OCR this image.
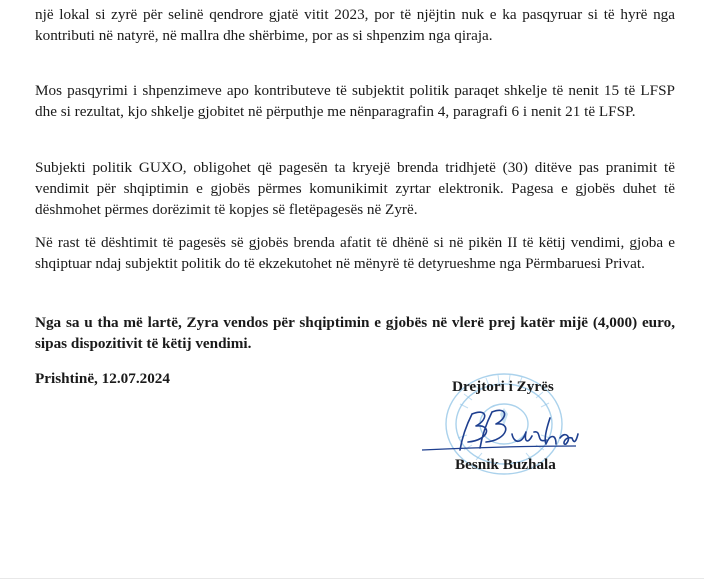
një lokal si zyrë për selinë qendrore gjatë vitit 2023, por të njëjtin nuk e ka pasqyruar si të hyrë nga kontributi në natyrë, në mallra dhe shërbime, por as si shpenzim nga qiraja.

Mos pasqyrimi i shpenzimeve apo kontributeve të subjektit politik paraqet shkelje të nenit 15 të LFSP dhe si rezultat, kjo shkelje gjobitet në përputhje me nënparagrafin 4, paragrafi 6 i nenit 21 të LFSP.

Subjekti politik GUXO, obligohet që pagesën ta kryejë brenda tridhjetë (30) ditëve pas pranimit të vendimit për shqiptimin e gjobës përmes komunikimit zyrtar elektronik. Pagesa e gjobës duhet të dëshmohet përmes dorëzimit të kopjes së fletëpagesës në Zyrë.

Në rast të dështimit të pagesës së gjobës brenda afatit të dhënë si në pikën II të këtij vendimi, gjoba e shqiptuar ndaj subjektit politik do të ekzekutohet në mënyrë të detyrueshme nga Përmbaruesi Privat.

Nga sa u tha më lartë, Zyra vendos për shqiptimin e gjobës në vlerë prej katër mijë (4,000) euro, sipas dispozitivit të këtij vendimi.

Prishtinë, 12.07.2024	Drejtori i Zyrës
Besnik Buzhala
